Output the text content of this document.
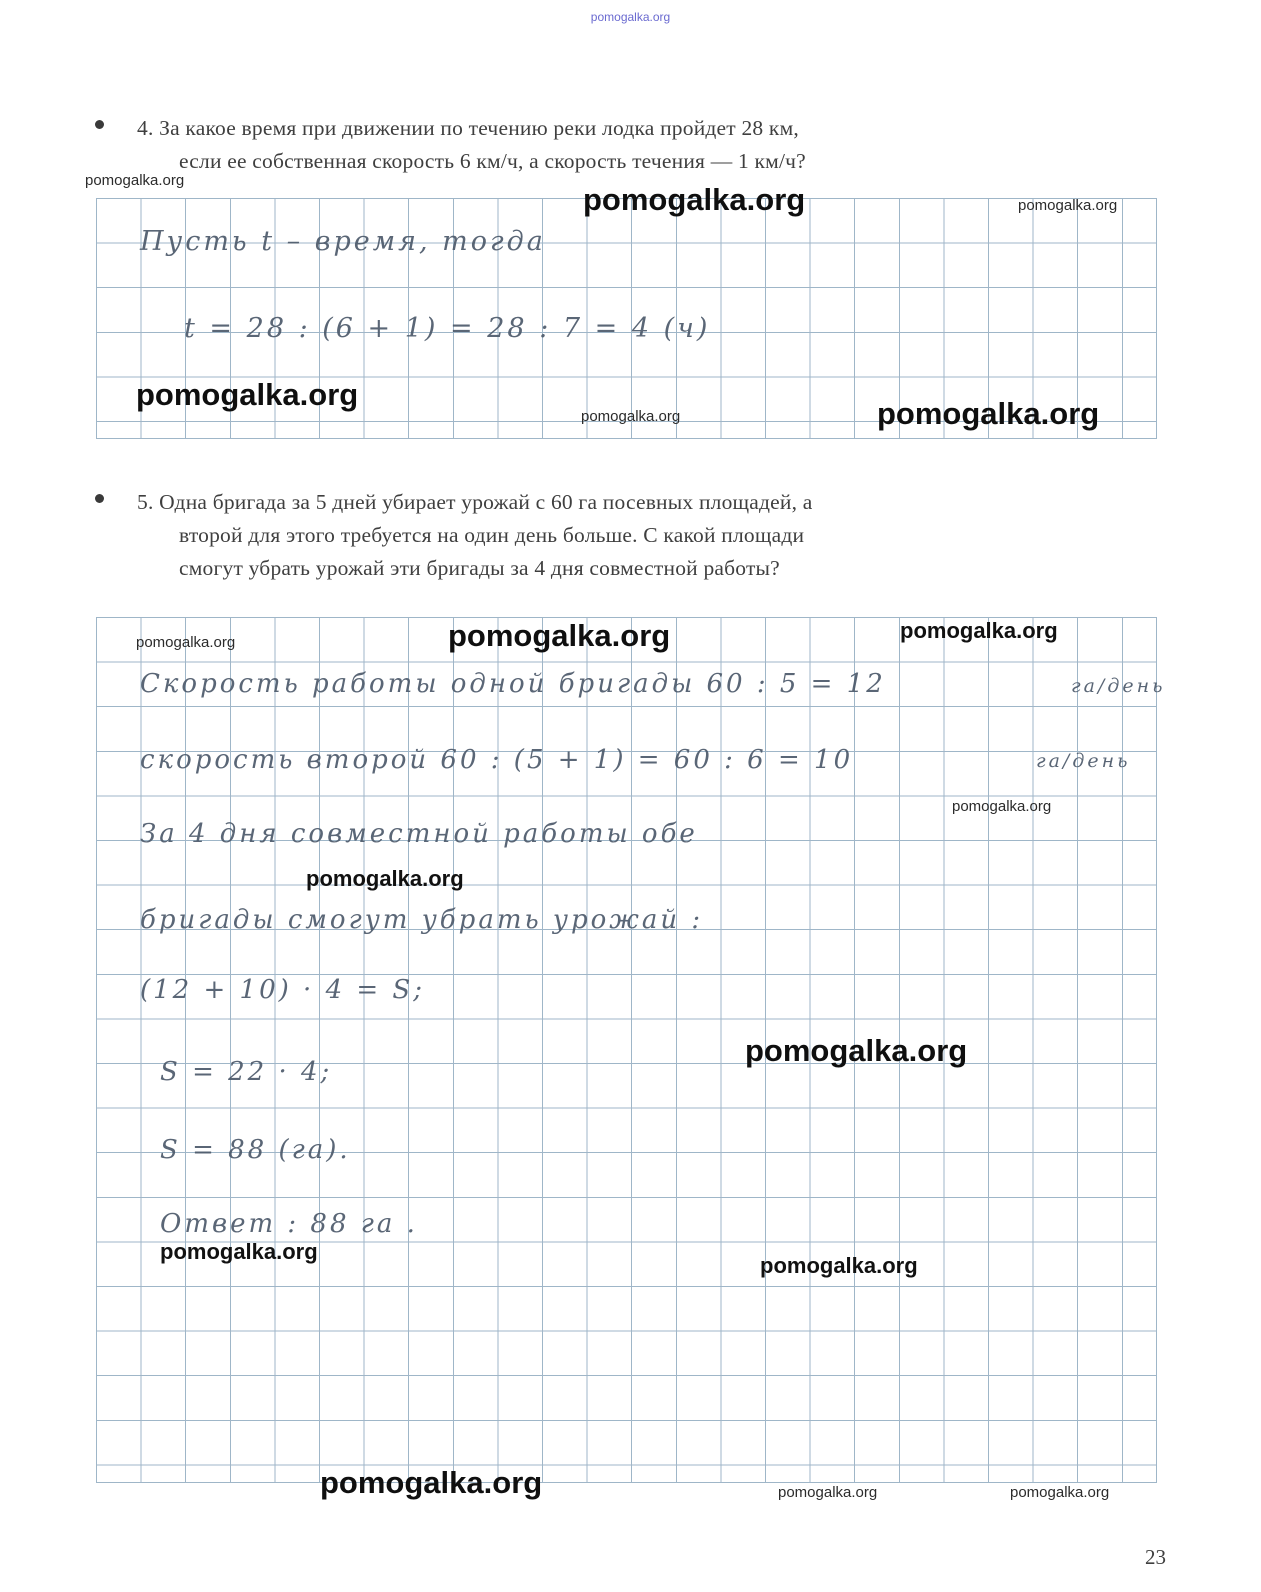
pomogalka.org
4. За какое время при движении по течению реки лодка пройдет 28 км,
если ее собственная скорость 6 км/ч, а скорость течения — 1 км/ч?
Пусть t – время, тогда
t = 28 : (6 + 1) = 28 : 7 = 4 (ч)
5. Одна бригада за 5 дней убирает урожай с 60 га посевных площадей, а
второй для этого требуется на один день больше. С какой площади
смогут убрать урожай эти бригады за 4 дня совместной работы?
Скорость работы одной бригады 60 : 5 = 12	га/день
скорость второй 60 : (5 + 1) = 60 : 6 = 10	га/день
За 4 дня совместной работы обе
бригады смогут убрать урожай :
(12 + 10) · 4 = S;
S = 22 · 4;
S = 88 (га).
Ответ : 88 га .
pomogalka.org
pomogalka.org	pomogalka.org
pomogalka.org
pomogalka.org	pomogalka.org
pomogalka.org	pomogalka.org	pomogalka.org
pomogalka.org
pomogalka.org
pomogalka.org
pomogalka.org
pomogalka.org
pomogalka.org	pomogalka.org	pomogalka.org
23
